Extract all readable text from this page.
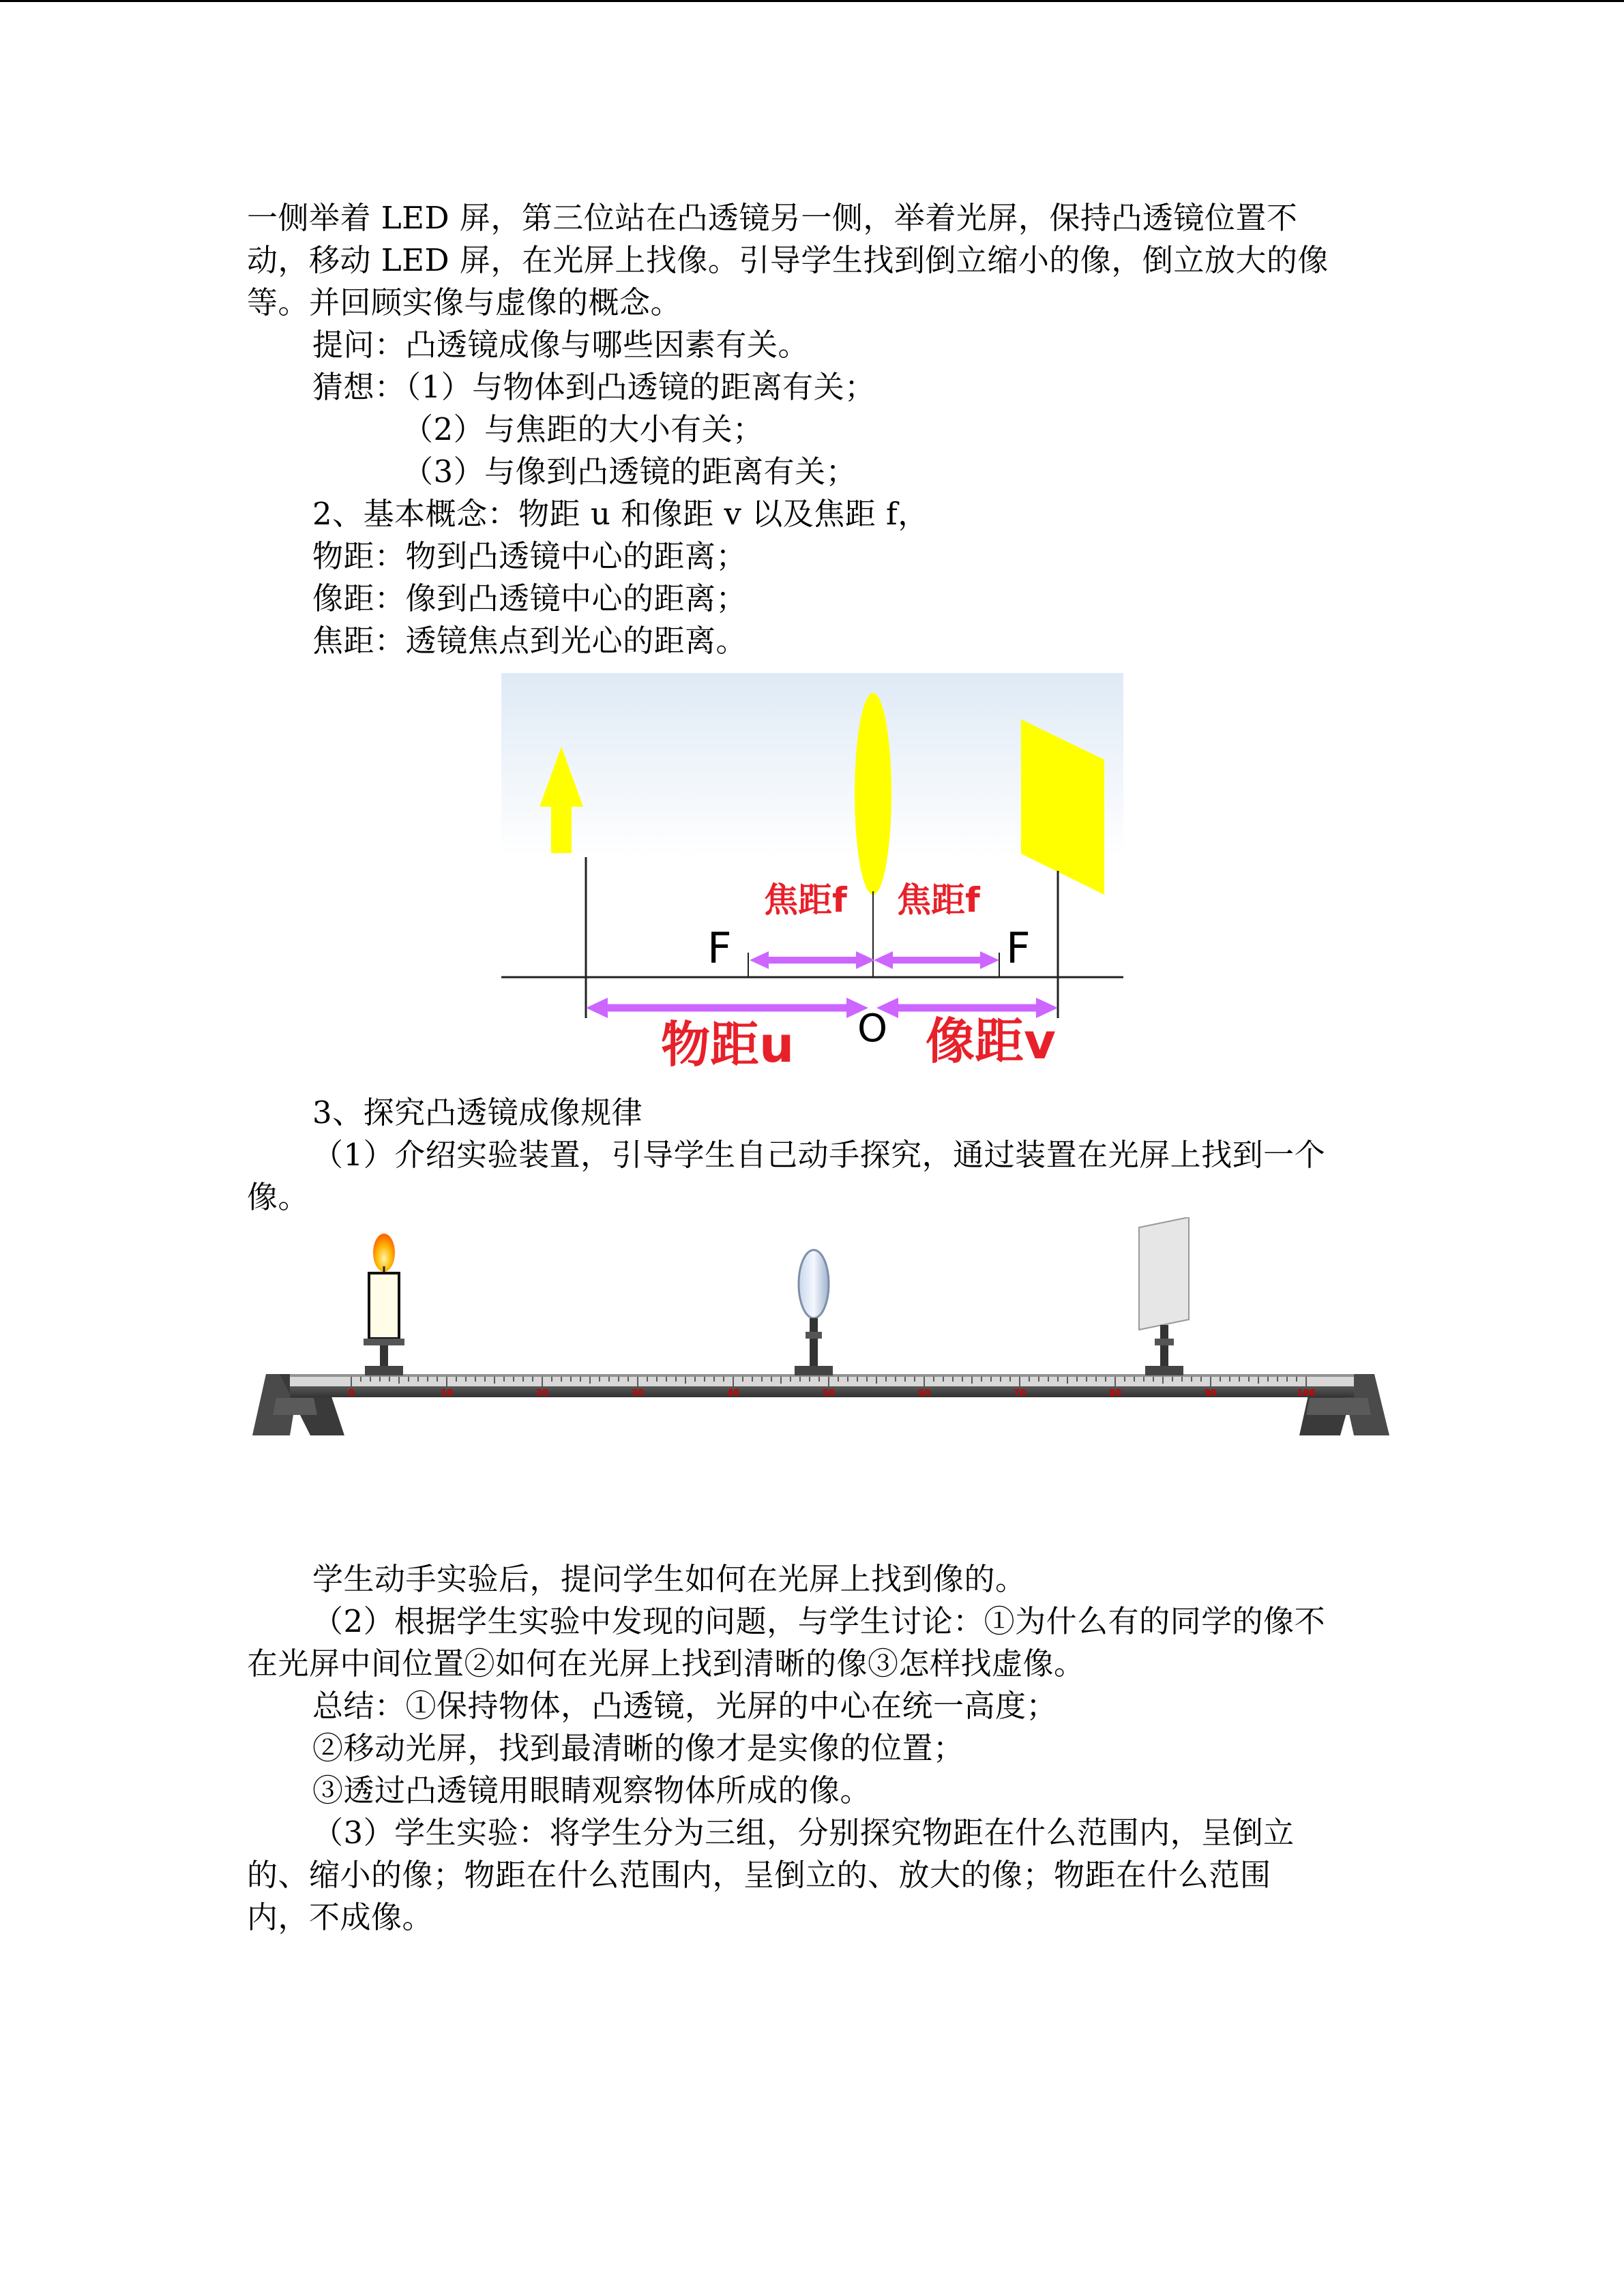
一侧举着 LED 屏，第三位站在凸透镜另一侧，举着光屏，保持凸透镜位置不
动，移动 LED 屏，在光屏上找像。引导学生找到倒立缩小的像，倒立放大的像
等。并回顾实像与虚像的概念。
提问：凸透镜成像与哪些因素有关。
猜想：（1）与物体到凸透镜的距离有关；
（2）与焦距的大小有关；
（3）与像到凸透镜的距离有关；
2、基本概念：物距 u 和像距 v 以及焦距 f，
物距：物到凸透镜中心的距离；
像距：像到凸透镜中心的距离；
焦距：透镜焦点到光心的距离。
焦距f 焦距f
F	F
O
物距u	像距v
3、探究凸透镜成像规律
（1）介绍实验装置，引导学生自己动手探究，通过装置在光屏上找到一个
像。
0	10	20	30	40	50	60	70	80	90	100
学生动手实验后，提问学生如何在光屏上找到像的。
（2）根据学生实验中发现的问题，与学生讨论：①为什么有的同学的像不
在光屏中间位置②如何在光屏上找到清晰的像③怎样找虚像。
总结：①保持物体，凸透镜，光屏的中心在统一高度；
②移动光屏，找到最清晰的像才是实像的位置；
③透过凸透镜用眼睛观察物体所成的像。
（3）学生实验：将学生分为三组，分别探究物距在什么范围内，呈倒立
的、缩小的像；物距在什么范围内，呈倒立的、放大的像；物距在什么范围
内，不成像。
